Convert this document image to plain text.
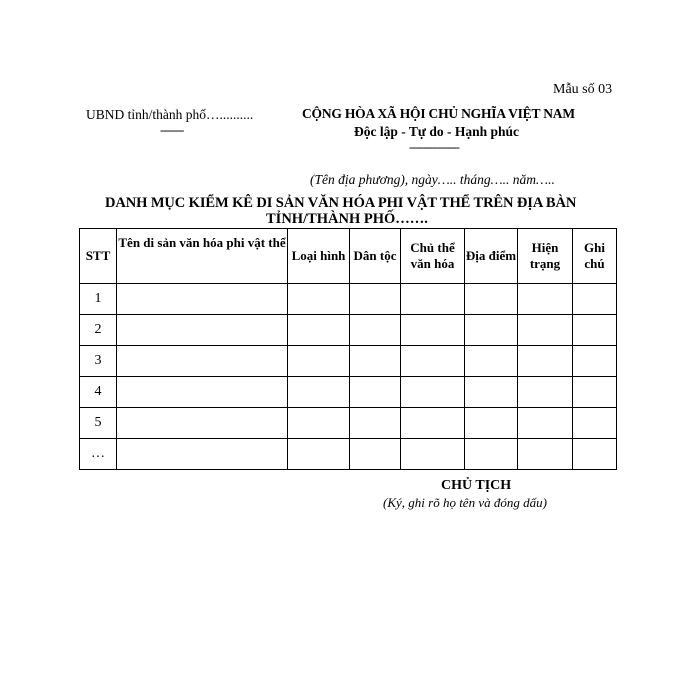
Mẫu số 03
UBND tỉnh/thành phố…..........
-------
CỘNG HÒA XÃ HỘI CHỦ NGHĨA VIỆT NAM
Độc lập - Tự do - Hạnh phúc
---------------
(Tên địa phương), ngày….. tháng….. năm…..
DANH MỤC KIỂM KÊ DI SẢN VĂN HÓA PHI VẬT THỂ TRÊN ĐỊA BÀN
TỈNH/THÀNH PHỐ…….
STT	Tên di sản văn hóa phi vật thể	Loại hình	Dân tộc	Chủ thể văn hóa	Địa điểm	Hiện trạng	Ghi chú
1							
2							
3							
4							
5							
…							
CHỦ TỊCH
(Ký, ghi rõ họ tên và đóng dấu)
